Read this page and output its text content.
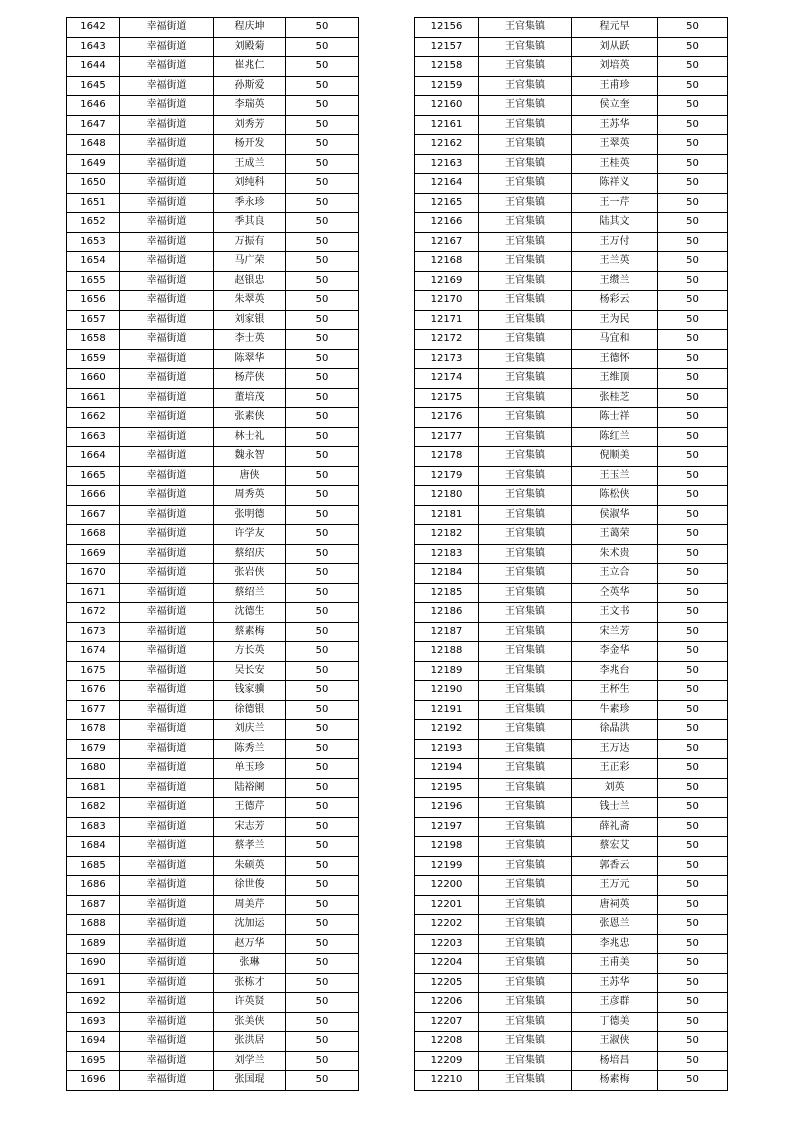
1642	幸福街道	程庆坤	50
1643	幸福街道	刘殿菊	50
1644	幸福街道	崔兆仁	50
1645	幸福街道	孙斯爱	50
1646	幸福街道	李瑞英	50
1647	幸福街道	刘秀芳	50
1648	幸福街道	杨开发	50
1649	幸福街道	王成兰	50
1650	幸福街道	刘纯科	50
1651	幸福街道	季永珍	50
1652	幸福街道	季其良	50
1653	幸福街道	万振有	50
1654	幸福街道	马广荣	50
1655	幸福街道	赵银忠	50
1656	幸福街道	朱翠英	50
1657	幸福街道	刘家银	50
1658	幸福街道	李士英	50
1659	幸福街道	陈翠华	50
1660	幸福街道	杨芹侠	50
1661	幸福街道	董培茂	50
1662	幸福街道	张素侠	50
1663	幸福街道	林士礼	50
1664	幸福街道	魏永智	50
1665	幸福街道	唐侠	50
1666	幸福街道	周秀英	50
1667	幸福街道	张明德	50
1668	幸福街道	许学友	50
1669	幸福街道	蔡绍庆	50
1670	幸福街道	张岩侠	50
1671	幸福街道	蔡绍兰	50
1672	幸福街道	沈德生	50
1673	幸福街道	蔡素梅	50
1674	幸福街道	方长英	50
1675	幸福街道	吴长安	50
1676	幸福街道	钱家骥	50
1677	幸福街道	徐德银	50
1678	幸福街道	刘庆兰	50
1679	幸福街道	陈秀兰	50
1680	幸福街道	单玉珍	50
1681	幸福街道	陆裕阑	50
1682	幸福街道	王德芹	50
1683	幸福街道	宋志芳	50
1684	幸福街道	蔡孝兰	50
1685	幸福街道	朱硕英	50
1686	幸福街道	徐世俊	50
1687	幸福街道	周美芹	50
1688	幸福街道	沈加运	50
1689	幸福街道	赵万华	50
1690	幸福街道	张琳	50
1691	幸福街道	张栋才	50
1692	幸福街道	许英贤	50
1693	幸福街道	张美侠	50
1694	幸福街道	张洪居	50
1695	幸福街道	刘学兰	50
1696	幸福街道	张国琨	50
12156	王官集镇	程元早	50
12157	王官集镇	刘从跃	50
12158	王官集镇	刘培英	50
12159	王官集镇	王甫珍	50
12160	王官集镇	侯立奎	50
12161	王官集镇	王苏华	50
12162	王官集镇	王翠英	50
12163	王官集镇	王桂英	50
12164	王官集镇	陈祥义	50
12165	王官集镇	王一芹	50
12166	王官集镇	陆其文	50
12167	王官集镇	王万付	50
12168	王官集镇	王兰英	50
12169	王官集镇	王缵兰	50
12170	王官集镇	杨彩云	50
12171	王官集镇	王为民	50
12172	王官集镇	马宜和	50
12173	王官集镇	王德怀	50
12174	王官集镇	王维顶	50
12175	王官集镇	张桂芝	50
12176	王官集镇	陈士祥	50
12177	王官集镇	陈红兰	50
12178	王官集镇	倪顺美	50
12179	王官集镇	王玉兰	50
12180	王官集镇	陈松侠	50
12181	王官集镇	侯淑华	50
12182	王官集镇	王蔼荣	50
12183	王官集镇	朱术贵	50
12184	王官集镇	王立合	50
12185	王官集镇	仝英华	50
12186	王官集镇	王文书	50
12187	王官集镇	宋兰芳	50
12188	王官集镇	李金华	50
12189	王官集镇	李兆台	50
12190	王官集镇	王杯生	50
12191	王官集镇	牛素珍	50
12192	王官集镇	徐晶洪	50
12193	王官集镇	王万达	50
12194	王官集镇	王正彩	50
12195	王官集镇	刘英	50
12196	王官集镇	钱士兰	50
12197	王官集镇	薛礼斋	50
12198	王官集镇	蔡宏艾	50
12199	王官集镇	郭香云	50
12200	王官集镇	王万元	50
12201	王官集镇	唐祠英	50
12202	王官集镇	张恩兰	50
12203	王官集镇	李兆忠	50
12204	王官集镇	王甫美	50
12205	王官集镇	王苏华	50
12206	王官集镇	王彦群	50
12207	王官集镇	丁德美	50
12208	王官集镇	王淑侠	50
12209	王官集镇	杨培昌	50
12210	王官集镇	杨素梅	50
